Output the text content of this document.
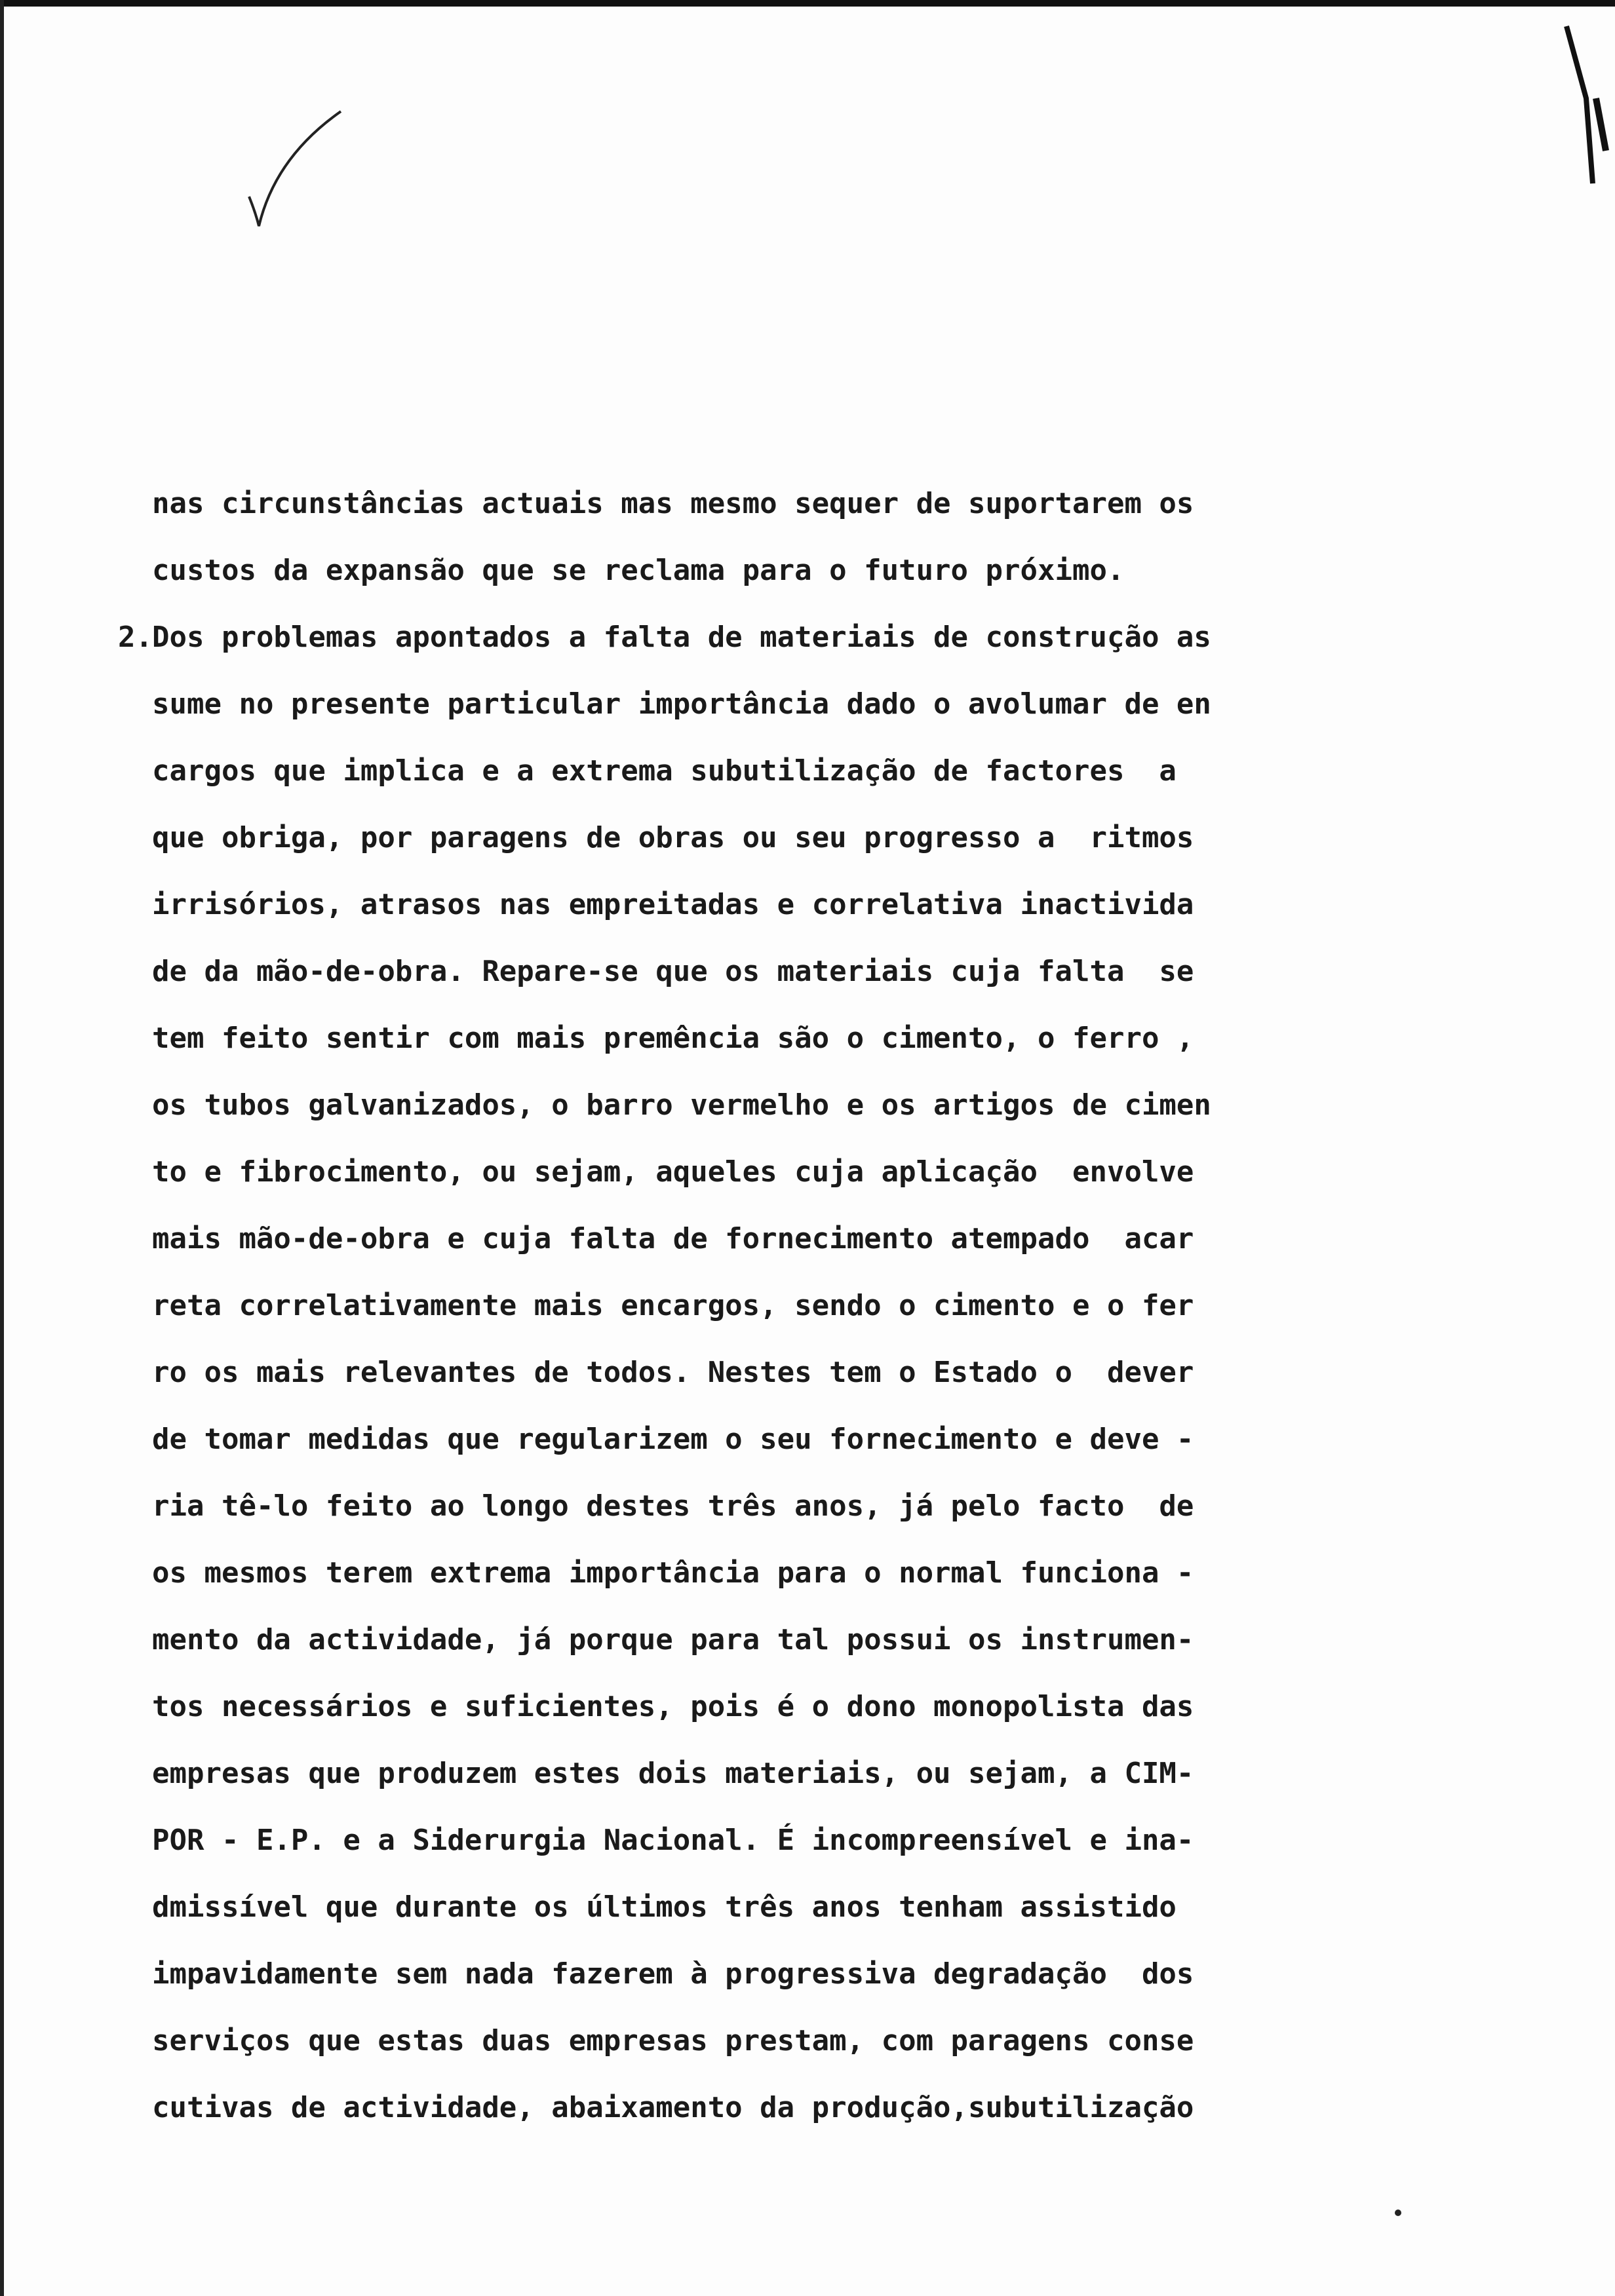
nas circunstâncias actuais mas mesmo sequer de suportarem os
custos da expansão que se reclama para o futuro próximo.
2. Dos problemas apontados a falta de materiais de construção as
sume no presente particular importância dado o avolumar de en
cargos que implica e a extrema subutilização de factores  a
que obriga, por paragens de obras ou seu progresso a  ritmos
irrisórios, atrasos nas empreitadas e correlativa inactivida
de da mão-de-obra. Repare-se que os materiais cuja falta  se
tem feito sentir com mais premência são o cimento, o ferro ,
os tubos galvanizados, o barro vermelho e os artigos de cimen
to e fibrocimento, ou sejam, aqueles cuja aplicação  envolve
mais mão-de-obra e cuja falta de fornecimento atempado  acar
reta correlativamente mais encargos, sendo o cimento e o fer
ro os mais relevantes de todos. Nestes tem o Estado o  dever
de tomar medidas que regularizem o seu fornecimento e deve -
ria tê-lo feito ao longo destes três anos, já pelo facto  de
os mesmos terem extrema importância para o normal funciona -
mento da actividade, já porque para tal possui os instrumen-
tos necessários e suficientes, pois é o dono monopolista das
empresas que produzem estes dois materiais, ou sejam, a CIM-
POR - E.P. e a Siderurgia Nacional. É incompreensível e ina-
dmissível que durante os últimos três anos tenham assistido
impavidamente sem nada fazerem à progressiva degradação  dos
serviços que estas duas empresas prestam, com paragens conse
cutivas de actividade, abaixamento da produção,subutilização
